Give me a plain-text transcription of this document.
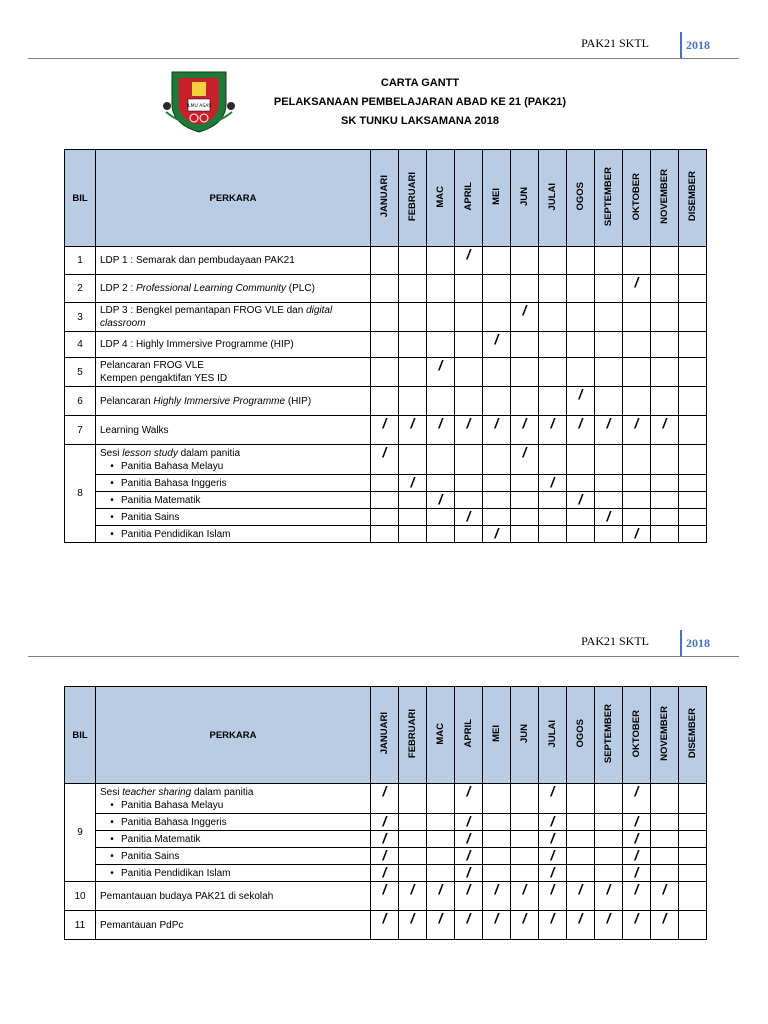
PAK21 SKTL	2018
ILMU ASAS
CARTA GANTT
PELAKSANAAN PEMBELAJARAN ABAD KE 21 (PAK21)
SK TUNKU LAKSAMANA 2018
BIL	PERKARA	JANUARI	FEBRUARI	MAC	APRIL	MEI	JUN	JULAI	OGOS	SEPTEMBER	OKTOBER	NOVEMBER	DISEMBER
1	LDP 1 : Semarak dan pembudayaan PAK21				/								
2	LDP 2 : Professional Learning Community (PLC)										/		
3	LDP 3 : Bengkel pemantapan FROG VLE dan digital classroom						/						
4	LDP 4 : Highly Immersive Programme (HIP)					/							
5	Pelancaran FROG VLE
Kempen pengaktifan YES ID			/									
6	Pelancaran Highly Immersive Programme (HIP)								/				
7	Learning Walks	/	/	/	/	/	/	/	/	/	/	/	
8	Sesi lesson study dalam panitia
• Panitia Bahasa Melayu	/					/						

	• Panitia Bahasa Inggeris		/					/					

	• Panitia Matematik			/					/				

	• Panitia Sains				/					/			

	• Panitia Pendidikan Islam					/					/		
PAK21 SKTL	2018
BIL	PERKARA	JANUARI	FEBRUARI	MAC	APRIL	MEI	JUN	JULAI	OGOS	SEPTEMBER	OKTOBER	NOVEMBER	DISEMBER
9	Sesi teacher sharing dalam panitia
• Panitia Bahasa Melayu	/			/			/			/		

	• Panitia Bahasa Inggeris	/			/			/			/		

	• Panitia Matematik	/			/			/			/		

	• Panitia Sains	/			/			/			/		

	• Panitia Pendidikan Islam	/			/			/			/		
10	Pemantauan budaya PAK21 di sekolah	/	/	/	/	/	/	/	/	/	/	/	
11	Pemantauan PdPc	/	/	/	/	/	/	/	/	/	/	/	
